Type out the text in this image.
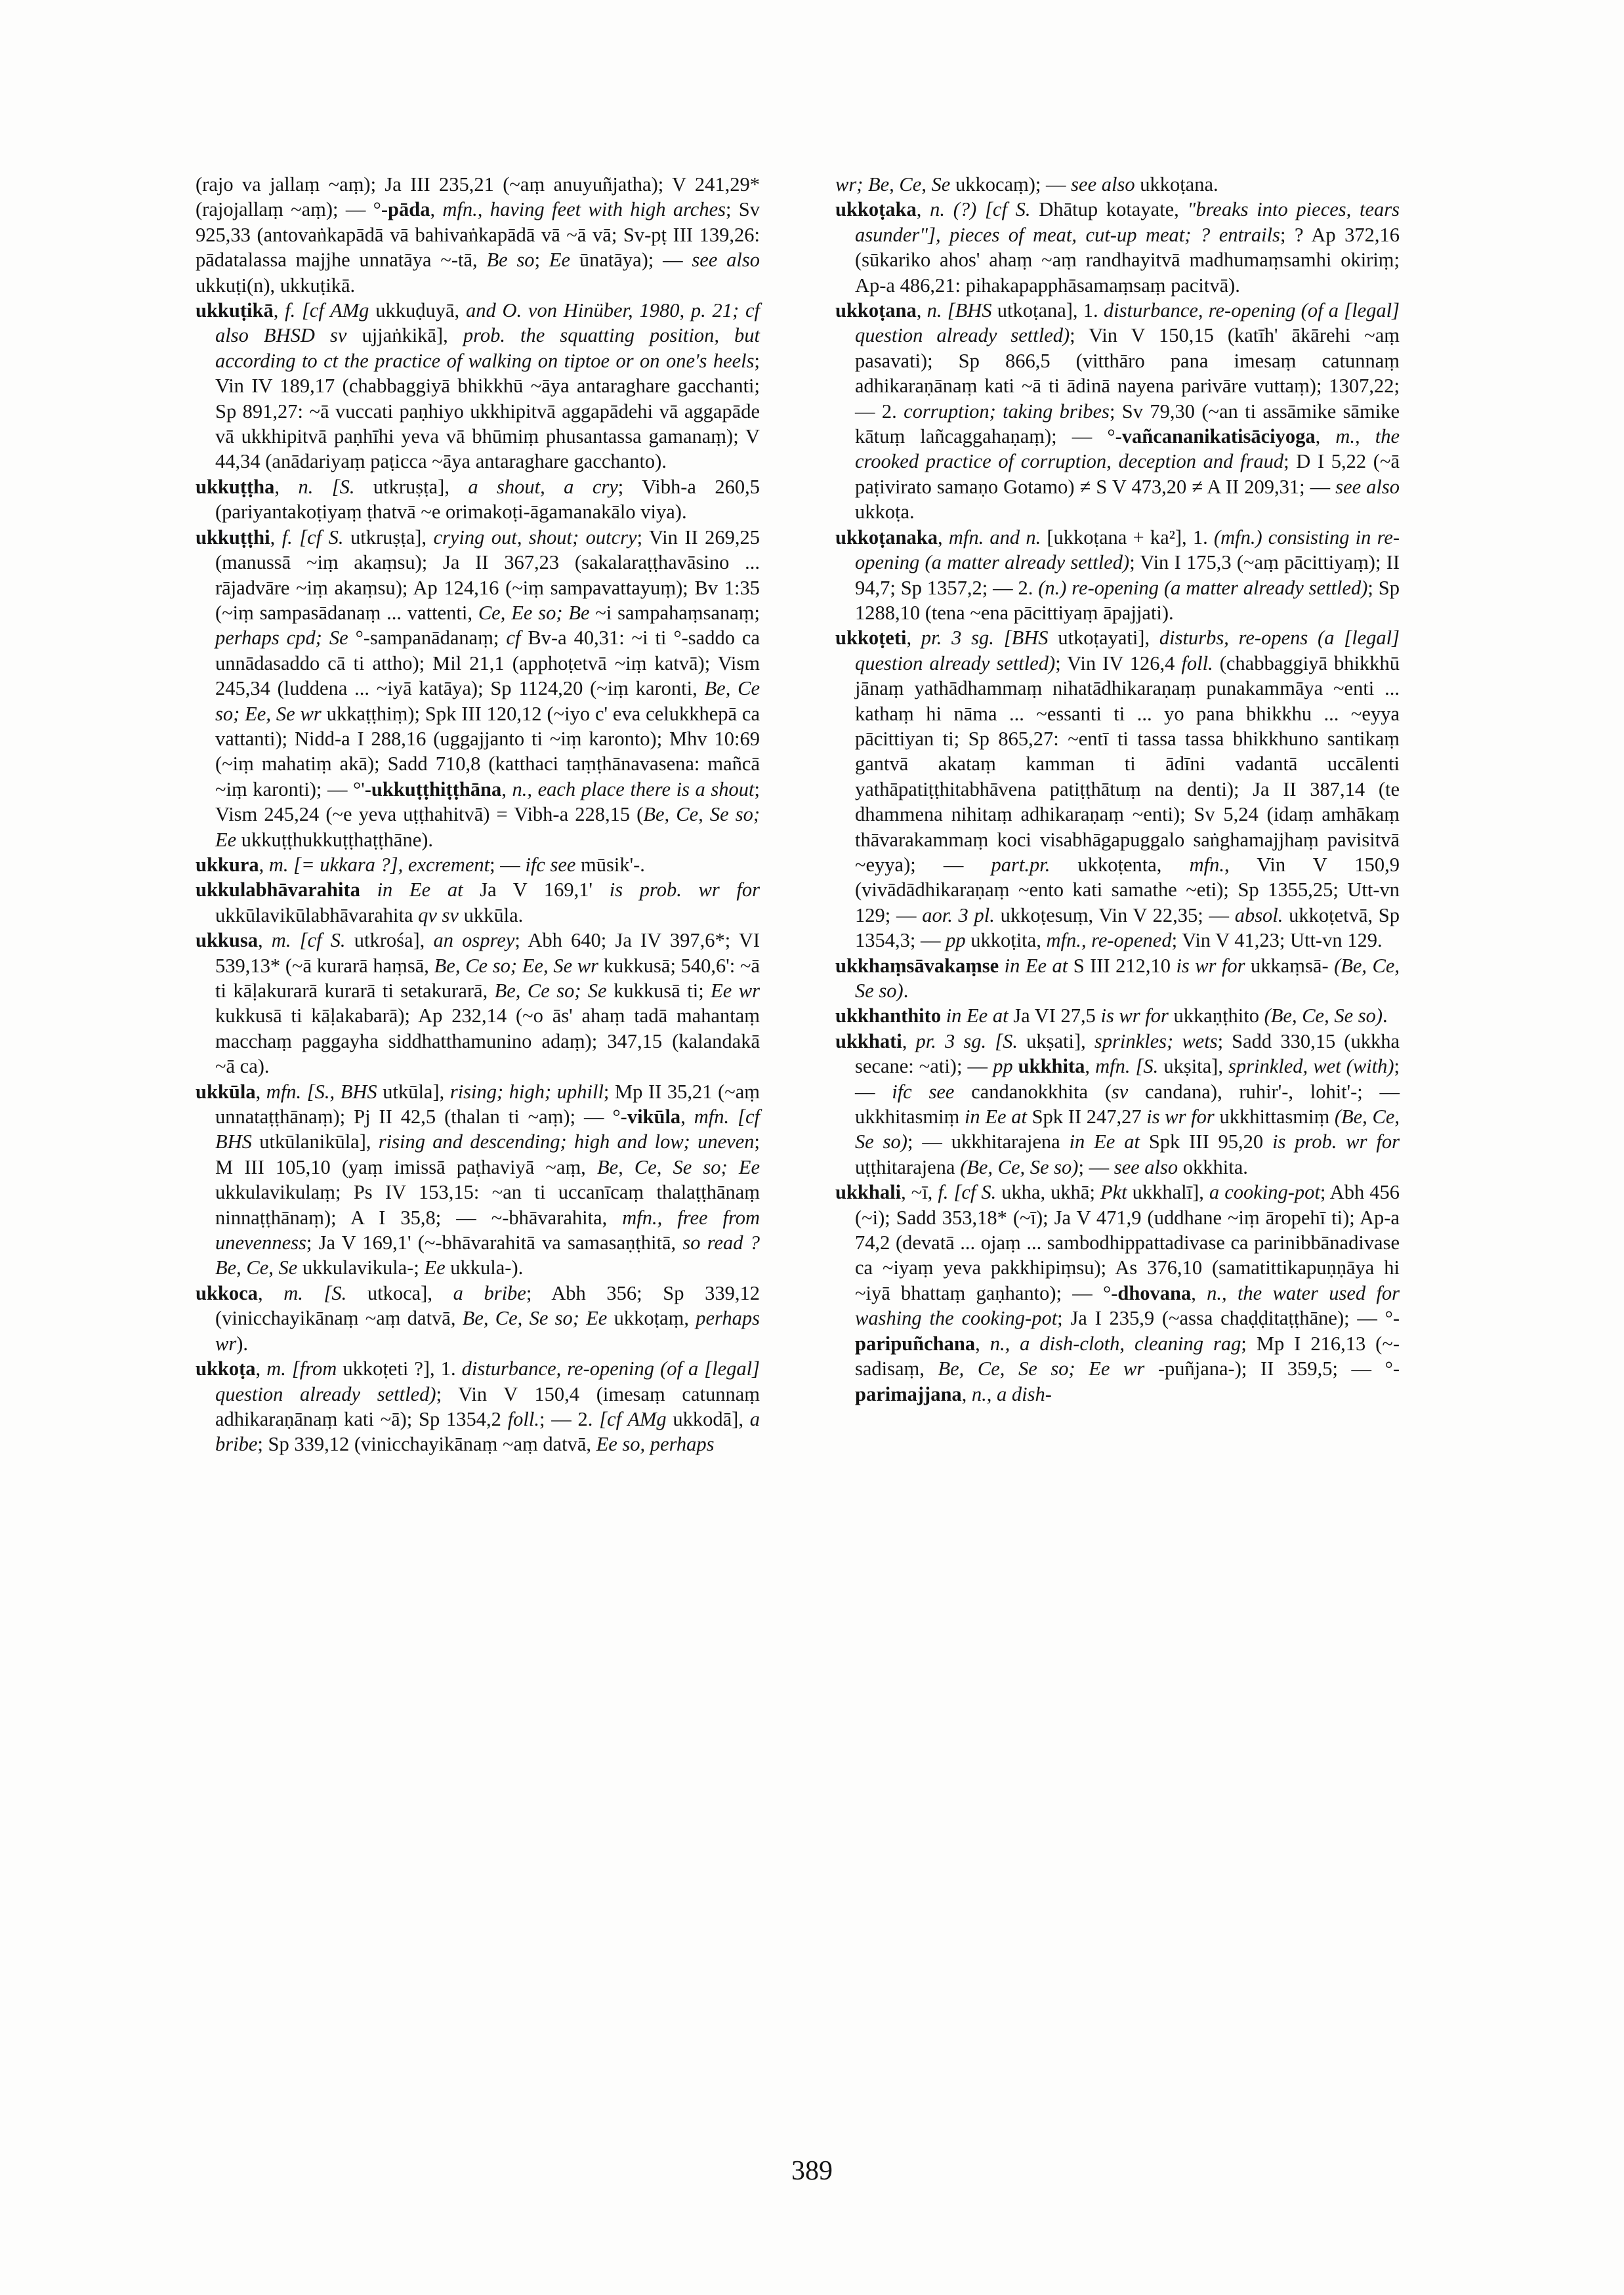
(rajo va jallaṃ ~aṃ); Ja III 235,21 (~aṃ anuyuñjatha); V 241,29* (rajojallaṃ ~aṃ); — °-pāda, mfn., having feet with high arches; Sv 925,33 (antovaṅkapādā vā bahivaṅkapādā vā ~ā vā; Sv-pṭ III 139,26: pādatalassa majjhe unnatāya ~-tā, Be so; Ee ūnatāya); — see also ukkuṭi(n), ukkuṭikā.

ukkuṭikā, f. [cf AMg ukkuḍuyā, and O. von Hinüber, 1980, p. 21; cf also BHSD sv ujjaṅkikā], prob. the squatting position, but according to ct the practice of walking on tiptoe or on one's heels; Vin IV 189,17 (chabbaggiyā bhikkhū ~āya antaraghare gacchanti; Sp 891,27: ~ā vuccati paṇhiyo ukkhipitvā aggapādehi vā aggapāde vā ukkhipitvā paṇhīhi yeva vā bhūmiṃ phusantassa gamanaṃ); V 44,34 (anādariyaṃ paṭicca ~āya antaraghare gacchanto).

ukkuṭṭha, n. [S. utkruṣṭa], a shout, a cry; Vibh-a 260,5 (pariyantakoṭiyaṃ ṭhatvā ~e orimakoṭi-āgamanakālo viya).

ukkuṭṭhi, f. [cf S. utkruṣṭa], crying out, shout; outcry; Vin II 269,25 (manussā ~iṃ akaṃsu); Ja II 367,23 (sakalaraṭṭhavāsino ... rājadvāre ~iṃ akaṃsu); Ap 124,16 (~iṃ sampavattayuṃ); Bv 1:35 (~iṃ sampasādanaṃ ... vattenti, Ce, Ee so; Be ~i sampahaṃsanaṃ; perhaps cpd; Se °-sampanādanaṃ; cf Bv-a 40,31: ~i ti °-saddo ca unnādasaddo cā ti attho); Mil 21,1 (apphoṭetvā ~iṃ katvā); Vism 245,34 (luddena ... ~iyā katāya); Sp 1124,20 (~iṃ karonti, Be, Ce so; Ee, Se wr ukkaṭṭhiṃ); Spk III 120,12 (~iyo c' eva celukkhepā ca vattanti); Nidd-a I 288,16 (uggajjanto ti ~iṃ karonto); Mhv 10:69 (~iṃ mahatiṃ akā); Sadd 710,8 (katthaci taṃṭhānavasena: mañcā ~iṃ karonti); — °'-ukkuṭṭhiṭṭhāna, n., each place there is a shout; Vism 245,24 (~e yeva uṭṭhahitvā) = Vibh-a 228,15 (Be, Ce, Se so; Ee ukkuṭṭhukkuṭṭhaṭṭhāne).

ukkura, m. [= ukkara ?], excrement; — ifc see mūsik'-.

ukkulabhāvarahita in Ee at Ja V 169,1' is prob. wr for ukkūlavikūlabhāvarahita qv sv ukkūla.

ukkusa, m. [cf S. utkrośa], an osprey; Abh 640; Ja IV 397,6*; VI 539,13* (~ā kurarā haṃsā, Be, Ce so; Ee, Se wr kukkusā; 540,6': ~ā ti kāḷakurarā kurarā ti setakurarā, Be, Ce so; Se kukkusā ti; Ee wr kukkusā ti kāḷakabarā); Ap 232,14 (~o ās' ahaṃ tadā mahantaṃ macchaṃ paggayha siddhatthamunino adaṃ); 347,15 (kalandakā ~ā ca).

ukkūla, mfn. [S., BHS utkūla], rising; high; uphill; Mp II 35,21 (~aṃ unnataṭṭhānaṃ); Pj II 42,5 (thalan ti ~aṃ); — °-vikūla, mfn. [cf BHS utkūlanikūla], rising and descending; high and low; uneven; M III 105,10 (yaṃ imissā paṭhaviyā ~aṃ, Be, Ce, Se so; Ee ukkulavikulaṃ; Ps IV 153,15: ~an ti uccanīcaṃ thalaṭṭhānaṃ ninnaṭṭhānaṃ); A I 35,8; — ~-bhāvarahita, mfn., free from unevenness; Ja V 169,1' (~-bhāvarahitā va samasaṇṭhitā, so read ? Be, Ce, Se ukkulavikula-; Ee ukkula-).

ukkoca, m. [S. utkoca], a bribe; Abh 356; Sp 339,12 (vinicchayikānaṃ ~aṃ datvā, Be, Ce, Se so; Ee ukkoṭaṃ, perhaps wr).

ukkoṭa, m. [from ukkoṭeti ?], 1. disturbance, re-opening (of a [legal] question already settled); Vin V 150,4 (imesaṃ catunnaṃ adhikaraṇānaṃ kati ~ā); Sp 1354,2 foll.; — 2. [cf AMg ukkodā], a bribe; Sp 339,12 (vinicchayikānaṃ ~aṃ datvā, Ee so, perhaps

wr; Be, Ce, Se ukkocaṃ); — see also ukkoṭana.

ukkoṭaka, n. (?) [cf S. Dhātup kotayate, "breaks into pieces, tears asunder"], pieces of meat, cut-up meat; ? entrails; ? Ap 372,16 (sūkariko ahos' ahaṃ ~aṃ randhayitvā madhumaṃsamhi okiriṃ; Ap-a 486,21: pihakapapphāsamaṃsaṃ pacitvā).

ukkoṭana, n. [BHS utkoṭana], 1. disturbance, re-opening (of a [legal] question already settled); Vin V 150,15 (katīh' ākārehi ~aṃ pasavati); Sp 866,5 (vitthāro pana imesaṃ catunnaṃ adhikaraṇānaṃ kati ~ā ti ādinā nayena parivāre vuttaṃ); 1307,22; — 2. corruption; taking bribes; Sv 79,30 (~an ti assāmike sāmike kātuṃ lañcaggahaṇaṃ); — °-vañcananikatisāciyoga, m., the crooked practice of corruption, deception and fraud; D I 5,22 (~ā paṭivirato samaṇo Gotamo) ≠ S V 473,20 ≠ A II 209,31; — see also ukkoṭa.

ukkoṭanaka, mfn. and n. [ukkoṭana + ka²], 1. (mfn.) consisting in re-opening (a matter already settled); Vin I 175,3 (~aṃ pācittiyaṃ); II 94,7; Sp 1357,2; — 2. (n.) re-opening (a matter already settled); Sp 1288,10 (tena ~ena pācittiyaṃ āpajjati).

ukkoṭeti, pr. 3 sg. [BHS utkoṭayati], disturbs, re-opens (a [legal] question already settled); Vin IV 126,4 foll. (chabbaggiyā bhikkhū jānaṃ yathādhammaṃ nihatādhikaraṇaṃ punakammāya ~enti ... kathaṃ hi nāma ... ~essanti ti ... yo pana bhikkhu ... ~eyya pācittiyan ti; Sp 865,27: ~entī ti tassa tassa bhikkhuno santikaṃ gantvā akataṃ kamman ti ādīni vadantā uccālenti yathāpatiṭṭhitabhāvena patiṭṭhātuṃ na denti); Ja II 387,14 (te dhammena nihitaṃ adhikaraṇaṃ ~enti); Sv 5,24 (idaṃ amhākaṃ thāvarakammaṃ koci visabhāgapuggalo saṅghamajjhaṃ pavisitvā ~eyya); — part.pr. ukkoṭenta, mfn., Vin V 150,9 (vivādādhikaraṇaṃ ~ento kati samathe ~eti); Sp 1355,25; Utt-vn 129; — aor. 3 pl. ukkoṭesuṃ, Vin V 22,35; — absol. ukkoṭetvā, Sp 1354,3; — pp ukkoṭita, mfn., re-opened; Vin V 41,23; Utt-vn 129.

ukkhaṃsāvakaṃse in Ee at S III 212,10 is wr for ukkaṃsā- (Be, Ce, Se so).

ukkhanthito in Ee at Ja VI 27,5 is wr for ukkaṇṭhito (Be, Ce, Se so).

ukkhati, pr. 3 sg. [S. ukṣati], sprinkles; wets; Sadd 330,15 (ukkha secane: ~ati); — pp ukkhita, mfn. [S. ukṣita], sprinkled, wet (with); — ifc see candanokkhita (sv candana), ruhir'-, lohit'-; — ukkhitasmiṃ in Ee at Spk II 247,27 is wr for ukkhittasmiṃ (Be, Ce, Se so); — ukkhitarajena in Ee at Spk III 95,20 is prob. wr for uṭṭhitarajena (Be, Ce, Se so); — see also okkhita.

ukkhali, ~ī, f. [cf S. ukha, ukhā; Pkt ukkhalī], a cooking-pot; Abh 456 (~i); Sadd 353,18* (~ī); Ja V 471,9 (uddhane ~iṃ āropehī ti); Ap-a 74,2 (devatā ... ojaṃ ... sambodhippattadivase ca parinibbānadivase ca ~iyaṃ yeva pakkhipiṃsu); As 376,10 (samatittikapuṇṇāya hi ~iyā bhattaṃ gaṇhanto); — °-dhovana, n., the water used for washing the cooking-pot; Ja I 235,9 (~assa chaḍḍitaṭṭhāne); — °-paripuñchana, n., a dish-cloth, cleaning rag; Mp I 216,13 (~-sadisaṃ, Be, Ce, Se so; Ee wr -puñjana-); II 359,5; — °-parimajjana, n., a dish-

389
